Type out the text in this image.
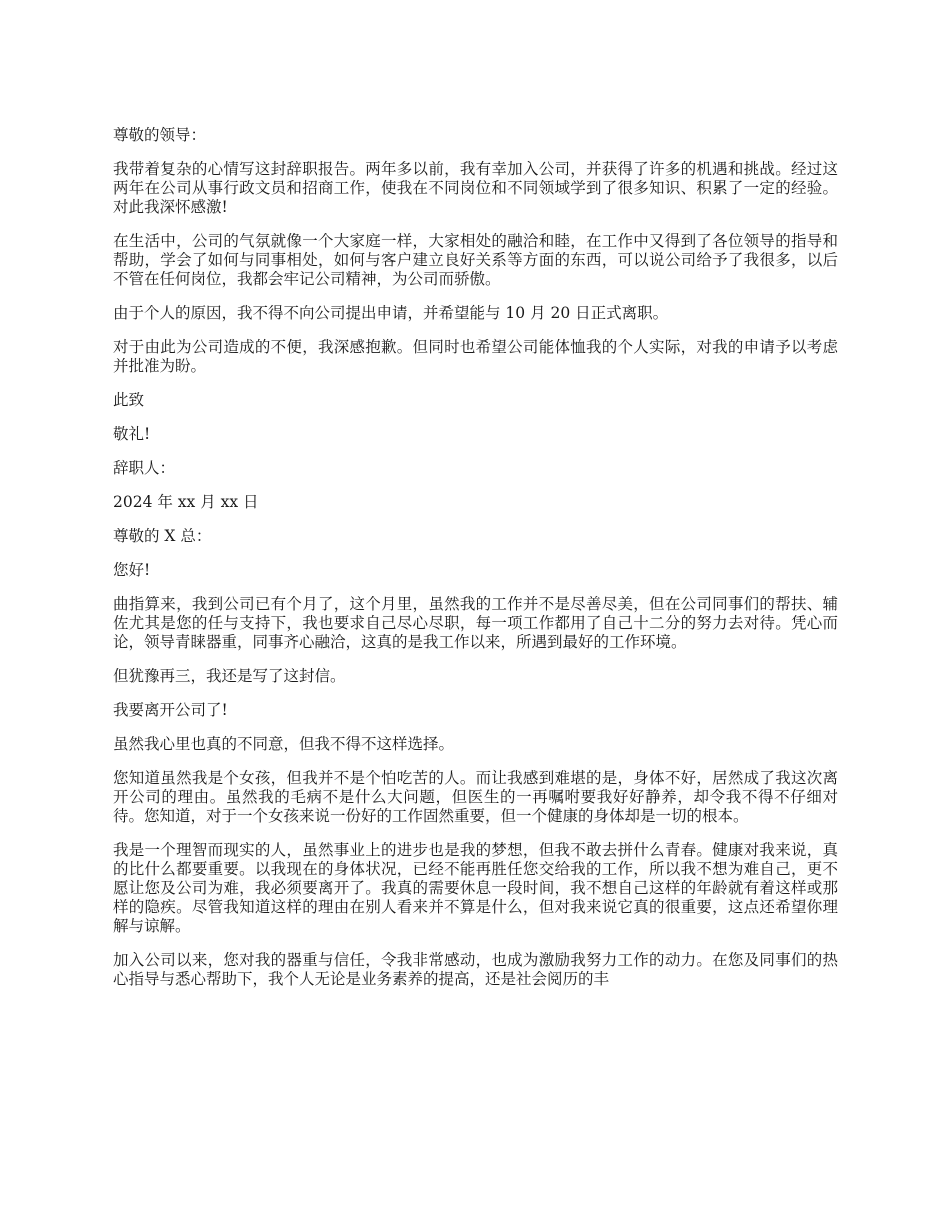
尊敬的领导：

我带着复杂的心情写这封辞职报告。两年多以前，我有幸加入公司，并获得了许多的机遇和挑战。经过这两年在公司从事行政文员和招商工作，使我在不同岗位和不同领域学到了很多知识、积累了一定的经验。对此我深怀感激!

在生活中，公司的气氛就像一个大家庭一样，大家相处的融洽和睦，在工作中又得到了各位领导的指导和帮助，学会了如何与同事相处，如何与客户建立良好关系等方面的东西，可以说公司给予了我很多，以后不管在任何岗位，我都会牢记公司精神，为公司而骄傲。

由于个人的原因，我不得不向公司提出申请，并希望能与 10 月 20 日正式离职。

对于由此为公司造成的不便，我深感抱歉。但同时也希望公司能体恤我的个人实际，对我的申请予以考虑并批准为盼。

此致

敬礼!

辞职人：

2024 年 xx 月 xx 日

尊敬的 X 总：

您好!

曲指算来，我到公司已有个月了，这个月里，虽然我的工作并不是尽善尽美，但在公司同事们的帮扶、辅佐尤其是您的任与支持下，我也要求自己尽心尽职，每一项工作都用了自己十二分的努力去对待。凭心而论，领导青睐器重，同事齐心融洽，这真的是我工作以来，所遇到最好的工作环境。

但犹豫再三，我还是写了这封信。

我要离开公司了!

虽然我心里也真的不同意，但我不得不这样选择。

您知道虽然我是个女孩，但我并不是个怕吃苦的人。而让我感到难堪的是，身体不好，居然成了我这次离开公司的理由。虽然我的毛病不是什么大问题，但医生的一再嘱咐要我好好静养，却令我不得不仔细对待。您知道，对于一个女孩来说一份好的工作固然重要，但一个健康的身体却是一切的根本。

我是一个理智而现实的人，虽然事业上的进步也是我的梦想，但我不敢去拼什么青春。健康对我来说，真的比什么都要重要。以我现在的身体状况，已经不能再胜任您交给我的工作，所以我不想为难自己，更不愿让您及公司为难，我必须要离开了。我真的需要休息一段时间，我不想自己这样的年龄就有着这样或那样的隐疾。尽管我知道这样的理由在别人看来并不算是什么，但对我来说它真的很重要，这点还希望你理解与谅解。

加入公司以来，您对我的器重与信任，令我非常感动，也成为激励我努力工作的动力。在您及同事们的热心指导与悉心帮助下，我个人无论是业务素养的提高，还是社会阅历的丰
